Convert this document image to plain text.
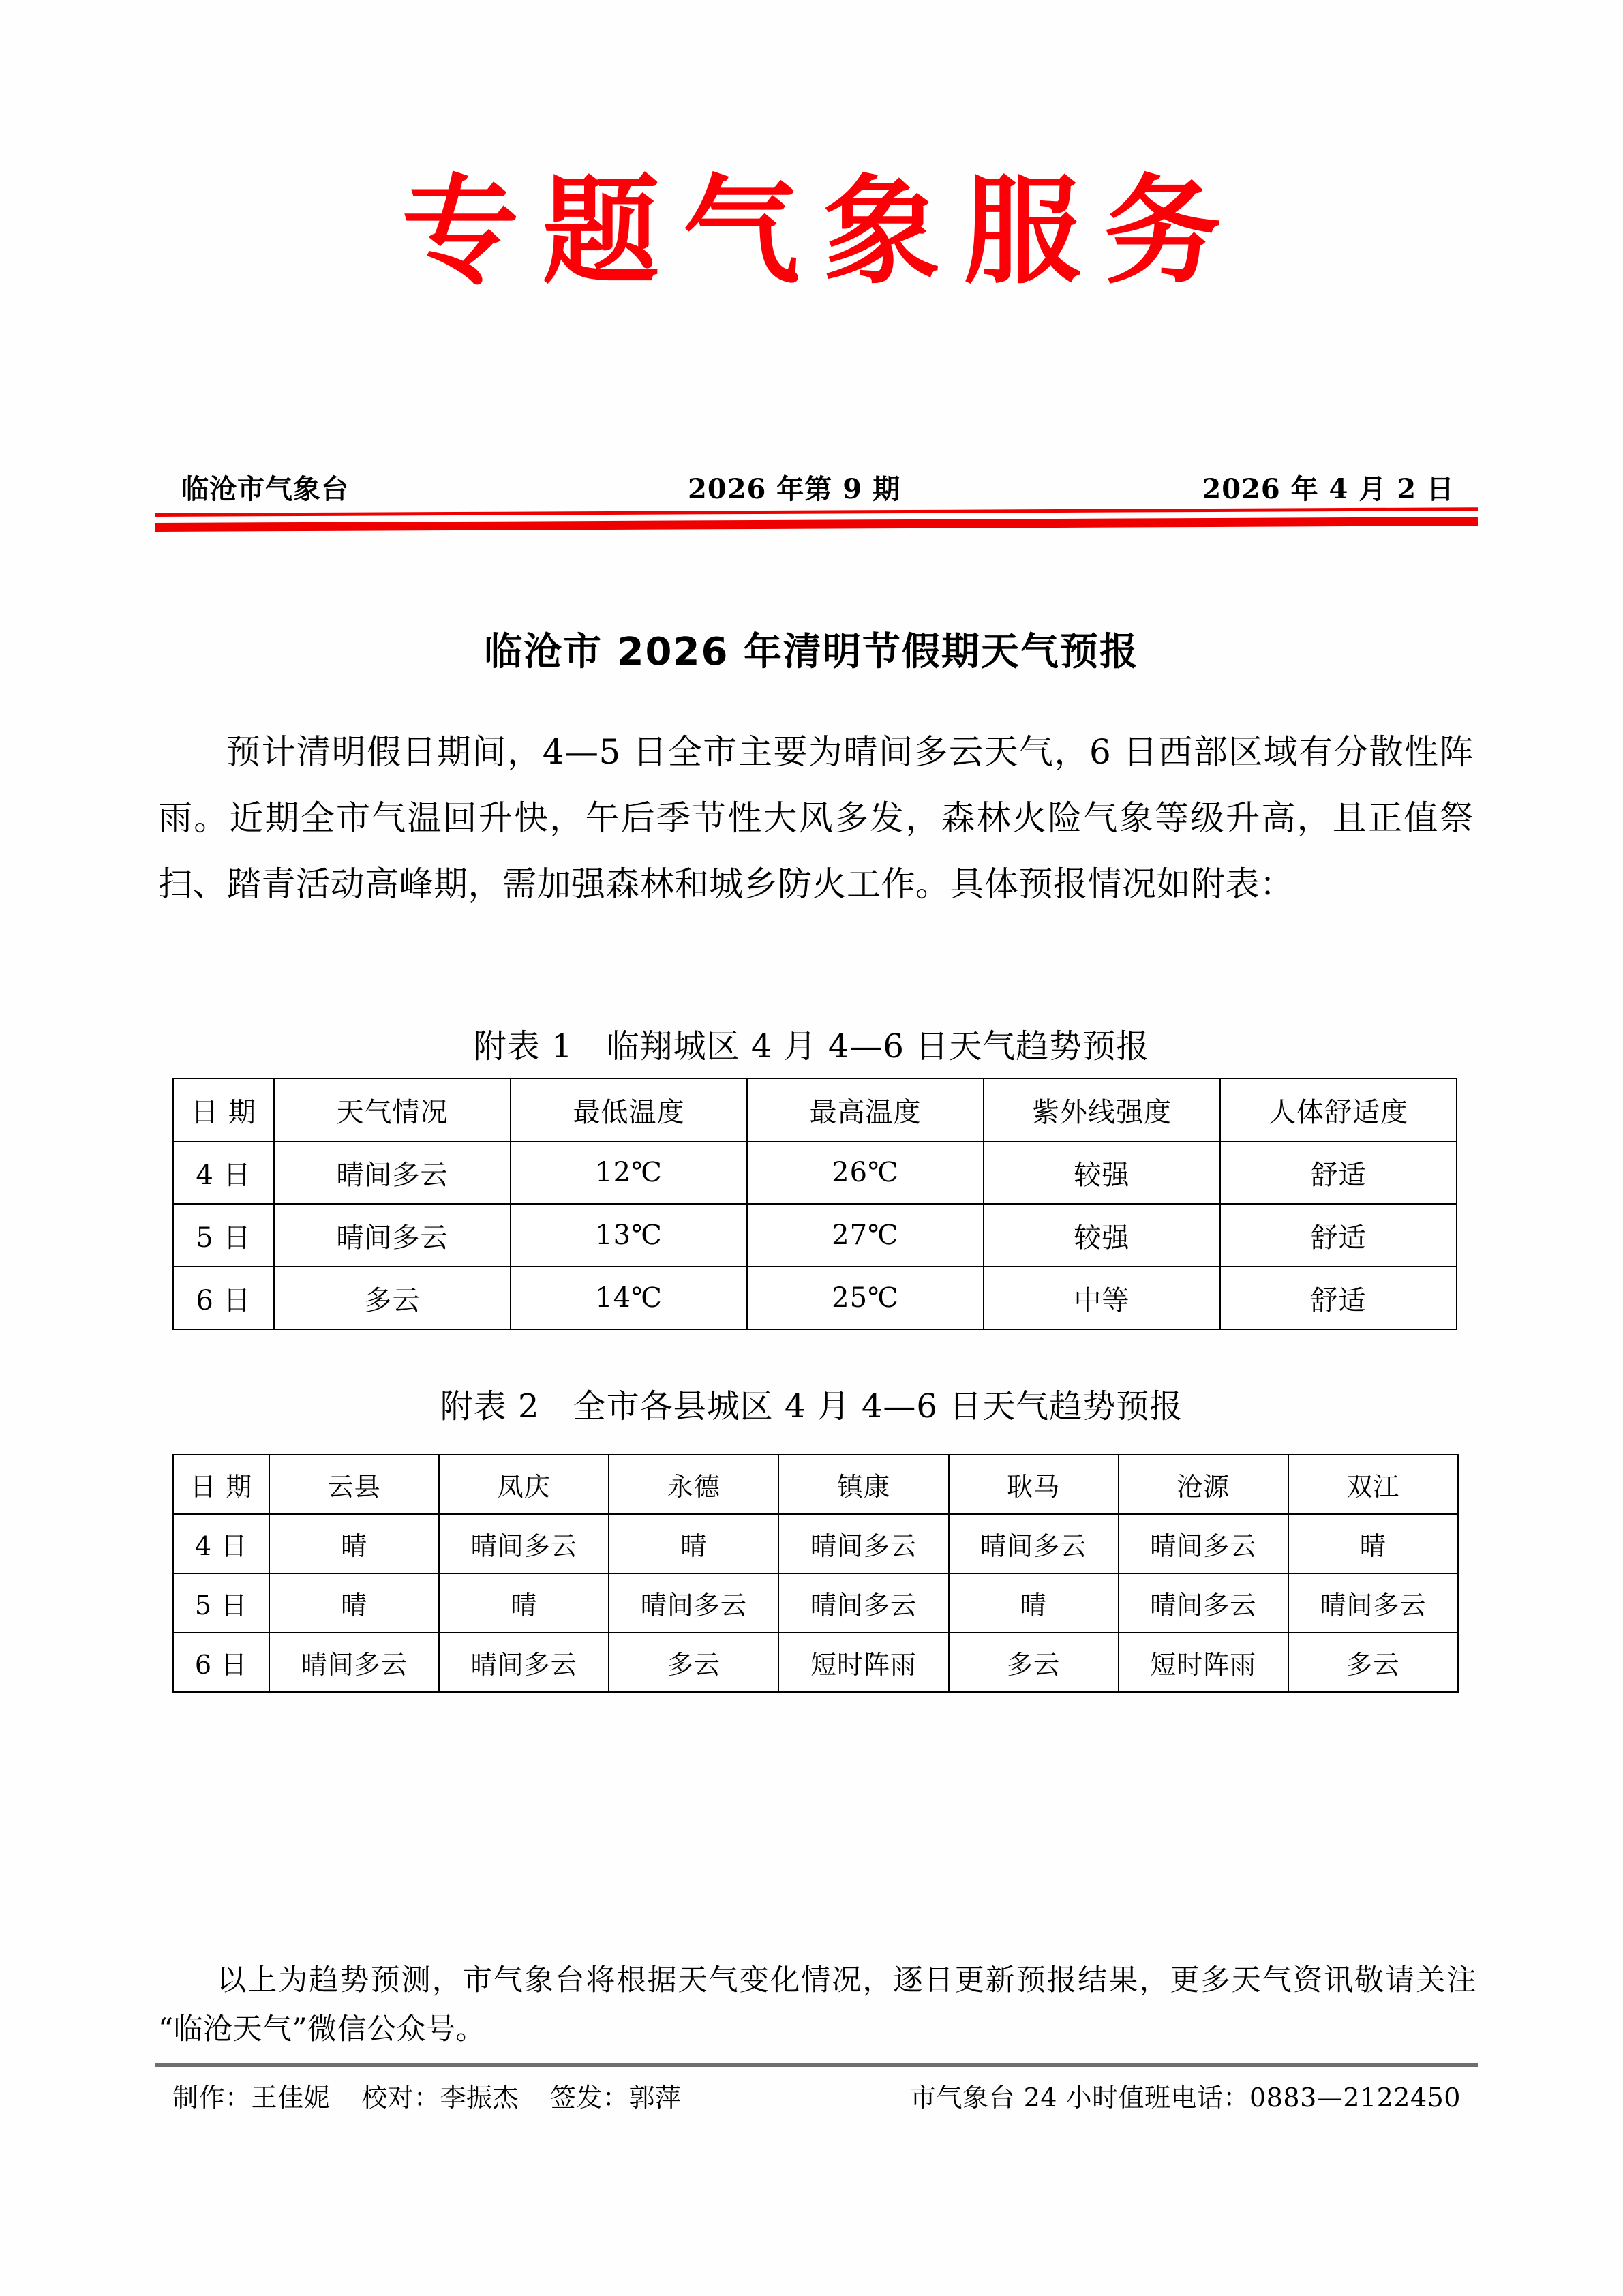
专题气象服务
临沧市气象台	2026 年第 9 期	2026 年 4 月 2 日
临沧市 2026 年清明节假期天气预报
预计清明假日期间，4—5 日全市主要为晴间多云天气，6 日西部区域有分散性阵雨。近期全市气温回升快，午后季节性大风多发，森林火险气象等级升高，且正值祭扫、踏青活动高峰期，需加强森林和城乡防火工作。具体预报情况如附表：
附表 1　临翔城区 4 月 4—6 日天气趋势预报
日 期	天气情况	最低温度	最高温度	紫外线强度	人体舒适度
4 日	晴间多云	12℃	26℃	较强	舒适
5 日	晴间多云	13℃	27℃	较强	舒适
6 日	多云	14℃	25℃	中等	舒适
附表 2　全市各县城区 4 月 4—6 日天气趋势预报
日 期	云县	凤庆	永德	镇康	耿马	沧源	双江
4 日	晴	晴间多云	晴	晴间多云	晴间多云	晴间多云	晴
5 日	晴	晴	晴间多云	晴间多云	晴	晴间多云	晴间多云
6 日	晴间多云	晴间多云	多云	短时阵雨	多云	短时阵雨	多云
以上为趋势预测，市气象台将根据天气变化情况，逐日更新预报结果，更多天气资讯敬请关注“临沧天气”微信公众号。
制作：王佳妮 校对：李振杰 签发：郭萍	市气象台 24 小时值班电话：0883—2122450
